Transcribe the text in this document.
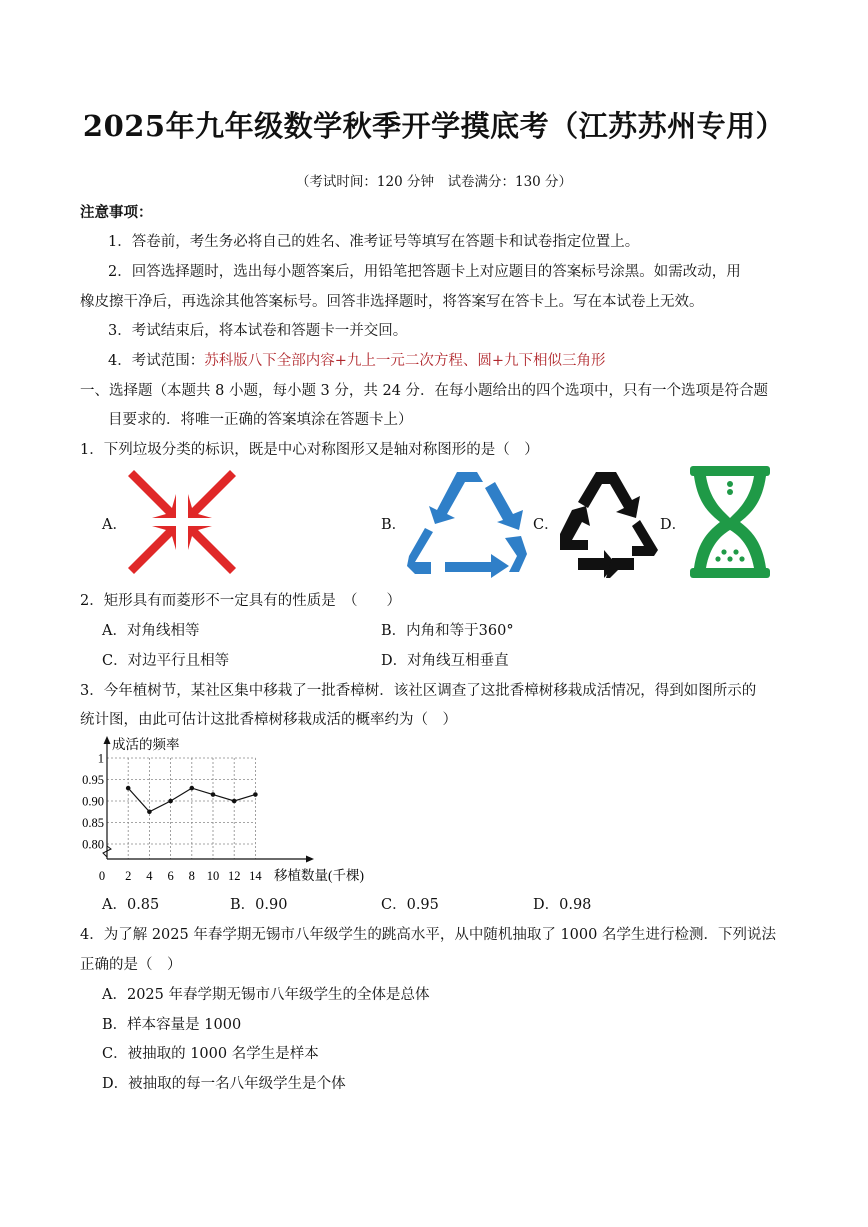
2025年九年级数学秋季开学摸底考（江苏苏州专用）
（考试时间：120 分钟　试卷满分：130 分）
注意事项：
1．答卷前，考生务必将自己的姓名、准考证号等填写在答题卡和试卷指定位置上。
2．回答选择题时，选出每小题答案后，用铅笔把答题卡上对应题目的答案标号涂黑。如需改动，用
橡皮擦干净后，再选涂其他答案标号。回答非选择题时，将答案写在答卡上。写在本试卷上无效。
3．考试结束后，将本试卷和答题卡一并交回。
4．考试范围：苏科版八下全部内容+九上一元二次方程、圆+九下相似三角形
一、选择题（本题共 8 小题，每小题 3 分，共 24 分．在每小题给出的四个选项中，只有一个选项是符合题
目要求的．将唯一正确的答案填涂在答题卡上）
1．下列垃圾分类的标识，既是中心对称图形又是轴对称图形的是（　）
A．	B．	C．	D．
2．矩形具有而菱形不一定具有的性质是　（　　）
A．对角线相等	B．内角和等于360°
C．对边平行且相等	D．对角线互相垂直
3．今年植树节，某社区集中移栽了一批香樟树．该社区调查了这批香樟树移栽成活情况，得到如图所示的
统计图，由此可估计这批香樟树移栽成活的概率约为（　）
成活的频率
移植数量(千棵)
0 2 4 6 8 10 12 14
0.80
0.85
0.90
0.95
1
A．0.85	B．0.90	C．0.95	D．0.98
4．为了解 2025 年春学期无锡市八年级学生的跳高水平，从中随机抽取了 1000 名学生进行检测．下列说法
正确的是（　）
A．2025 年春学期无锡市八年级学生的全体是总体
B．样本容量是 1000
C．被抽取的 1000 名学生是样本
D．被抽取的每一名八年级学生是个体
